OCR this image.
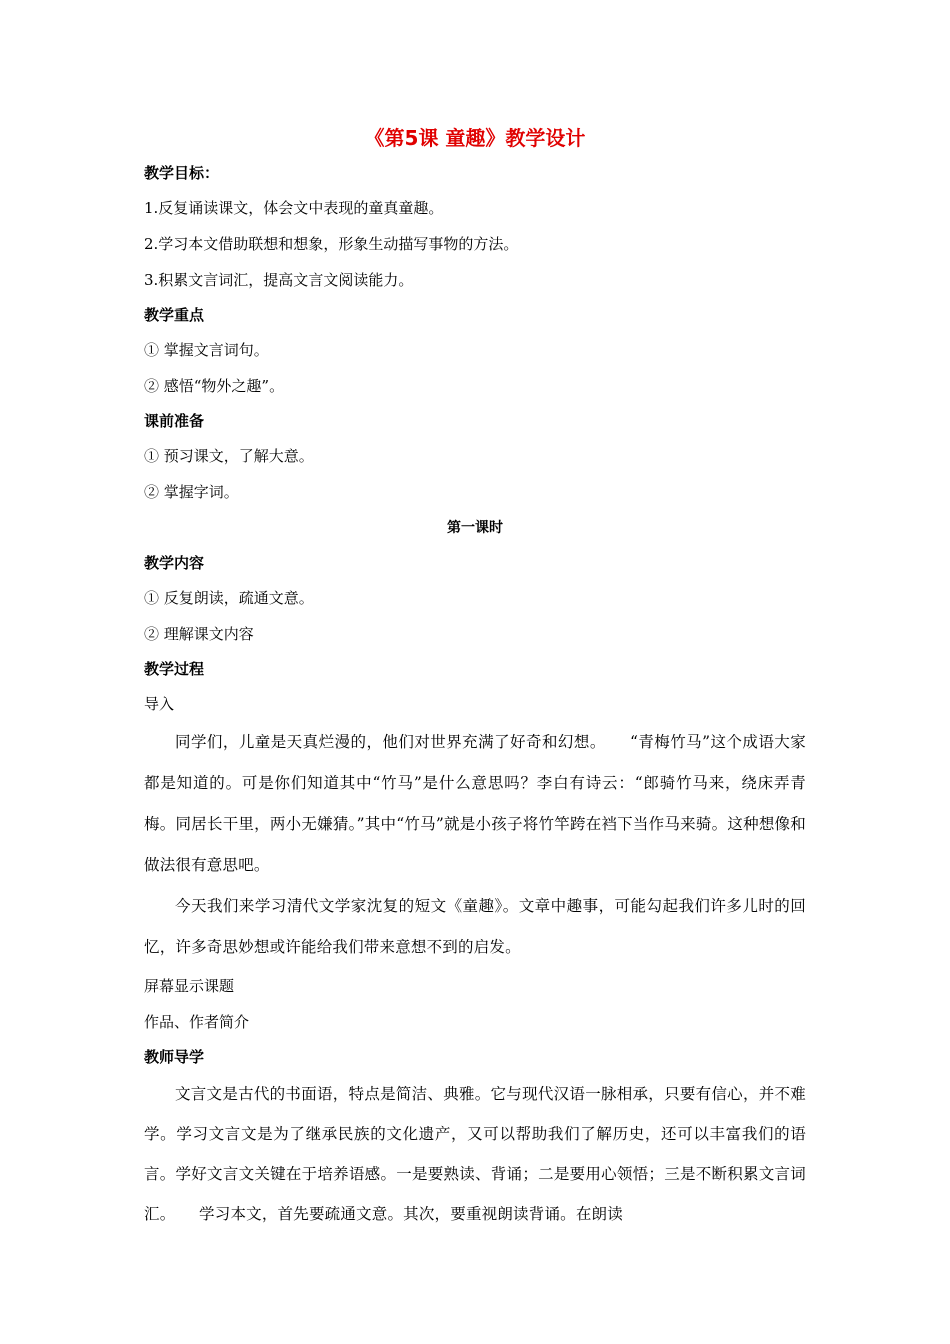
《第5课 童趣》教学设计
教学目标：
1.反复诵读课文，体会文中表现的童真童趣。
2.学习本文借助联想和想象，形象生动描写事物的方法。
3.积累文言词汇，提高文言文阅读能力。
教学重点
① 掌握文言词句。
② 感悟“物外之趣”。
课前准备
① 预习课文，了解大意。
② 掌握字词。
第一课时
教学内容
① 反复朗读，疏通文意。
② 理解课文内容
教学过程
导入

同学们，儿童是天真烂漫的，他们对世界充满了好奇和幻想。　　“青梅竹马”这个成语大家都是知道的。可是你们知道其中“竹马”是什么意思吗？李白有诗云：“郎骑竹马来，绕床弄青梅。同居长干里，两小无嫌猜。”其中“竹马”就是小孩子将竹竿跨在裆下当作马来骑。这种想像和做法很有意思吧。

今天我们来学习清代文学家沈复的短文《童趣》。文章中趣事，可能勾起我们许多儿时的回忆，许多奇思妙想或许能给我们带来意想不到的启发。

屏幕显示课题
作品、作者简介
教师导学

文言文是古代的书面语，特点是简洁、典雅。它与现代汉语一脉相承，只要有信心，并不难学。学习文言文是为了继承民族的文化遗产，又可以帮助我们了解历史，还可以丰富我们的语言。学好文言文关键在于培养语感。一是要熟读、背诵；二是要用心领悟；三是不断积累文言词汇。　　学习本文，首先要疏通文意。其次，要重视朗读背诵。在朗读
